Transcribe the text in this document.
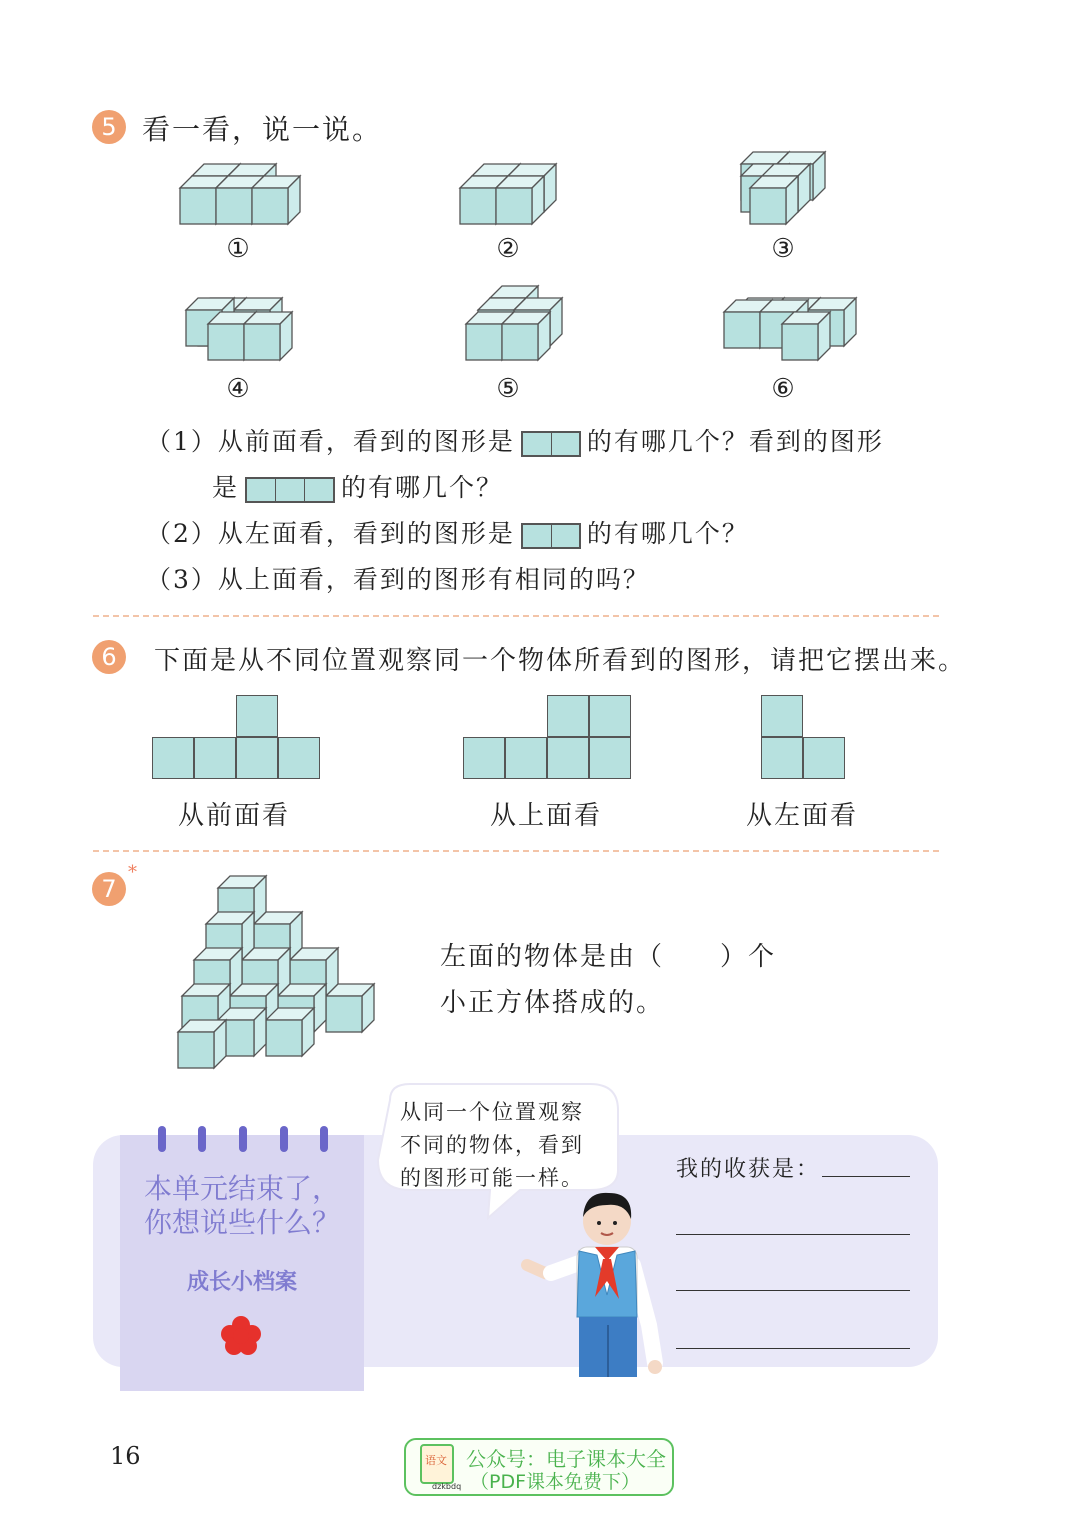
5 看一看，说一说。
①	②	③
④	⑤	⑥
（1）从前面看，看到的图形是	的有哪几个？看到的图形
是	的有哪几个？
（2）从左面看，看到的图形是	的有哪几个？
（3）从上面看，看到的图形有相同的吗？
6	下面是从不同位置观察同一个物体所看到的图形，请把它摆出来。
从前面看	从上面看	从左面看
7
*
左面的物体是由（　　）个
小正方体搭成的。
本单元结束了，
你想说些什么？
成长小档案
从同一个位置观察
不同的物体，看到
的图形可能一样。	我的收获是：
16	语文
dzkbdq
公众号：电子课本大全
（PDF课本免费下）
